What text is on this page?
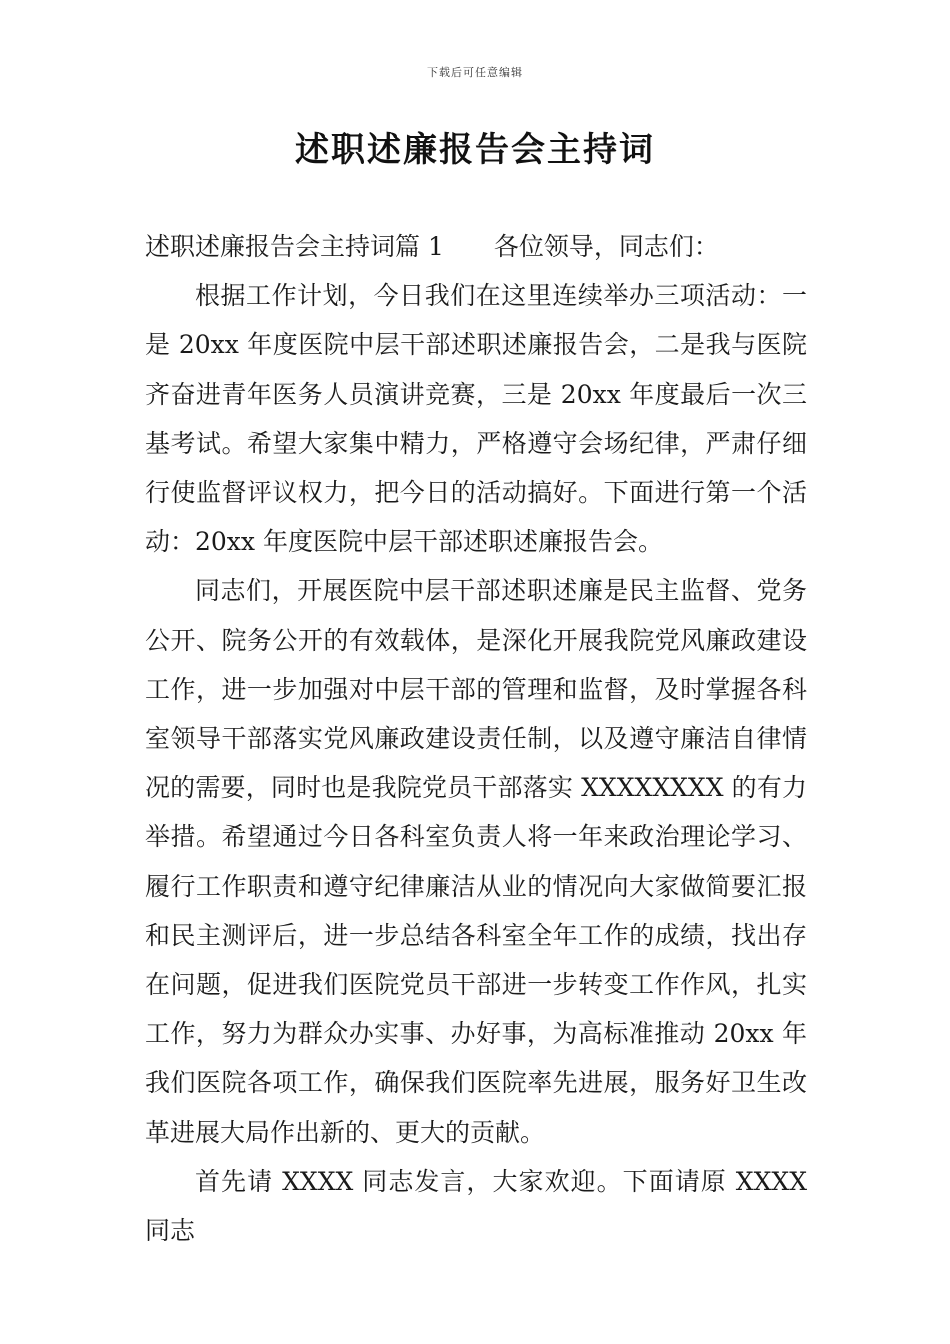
下载后可任意编辑
述职述廉报告会主持词

述职述廉报告会主持词篇 1 各位领导，同志们：

根据工作计划，今日我们在这里连续举办三项活动：一是 20xx 年度医院中层干部述职述廉报告会，二是我与医院齐奋进青年医务人员演讲竞赛，三是 20xx 年度最后一次三基考试。希望大家集中精力，严格遵守会场纪律，严肃仔细行使监督评议权力，把今日的活动搞好。下面进行第一个活动：20xx 年度医院中层干部述职述廉报告会。

同志们，开展医院中层干部述职述廉是民主监督、党务公开、院务公开的有效载体，是深化开展我院党风廉政建设工作，进一步加强对中层干部的管理和监督，及时掌握各科室领导干部落实党风廉政建设责任制，以及遵守廉洁自律情况的需要，同时也是我院党员干部落实 XXXXXXXX 的有力举措。希望通过今日各科室负责人将一年来政治理论学习、履行工作职责和遵守纪律廉洁从业的情况向大家做简要汇报和民主测评后，进一步总结各科室全年工作的成绩，找出存在问题，促进我们医院党员干部进一步转变工作作风，扎实工作，努力为群众办实事、办好事，为高标准推动 20xx 年我们医院各项工作，确保我们医院率先进展，服务好卫生改革进展大局作出新的、更大的贡献。

首先请 XXXX 同志发言，大家欢迎。下面请原 XXXX 同志
